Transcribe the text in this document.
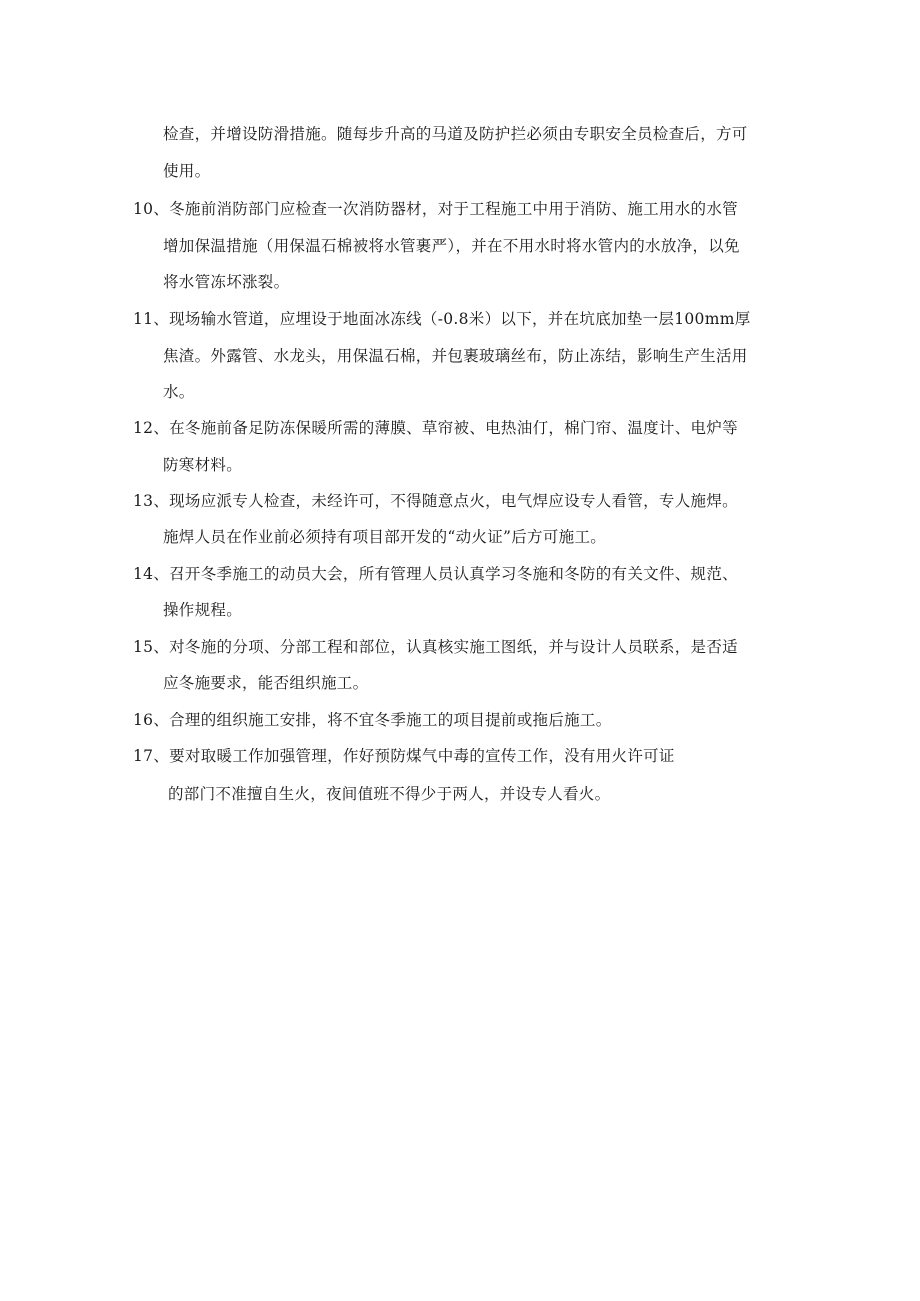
检查，并增设防滑措施。随每步升高的马道及防护拦必须由专职安全员检查后，方可
使用。
10、冬施前消防部门应检查一次消防器材，对于工程施工中用于消防、施工用水的水管
增加保温措施（用保温石棉被将水管裹严），并在不用水时将水管内的水放净，以免
将水管冻坏涨裂。
11、现场输水管道，应埋设于地面冰冻线（-0.8米）以下，并在坑底加垫一层100mm厚
焦渣。外露管、水龙头，用保温石棉，并包裹玻璃丝布，防止冻结，影响生产生活用
水。
12、在冬施前备足防冻保暖所需的薄膜、草帘被、电热油仃，棉门帘、温度计、电炉等
防寒材料。
13、现场应派专人检查，未经许可，不得随意点火，电气焊应设专人看管，专人施焊。
施焊人员在作业前必须持有项目部开发的“动火证”后方可施工。
14、召开冬季施工的动员大会，所有管理人员认真学习冬施和冬防的有关文件、规范、
操作规程。
15、对冬施的分项、分部工程和部位，认真核实施工图纸，并与设计人员联系，是否适
应冬施要求，能否组织施工。
16、合理的组织施工安排，将不宜冬季施工的项目提前或拖后施工。
17、要对取暖工作加强管理，作好预防煤气中毒的宣传工作，没有用火许可证
的部门不准擅自生火，夜间值班不得少于两人，并设专人看火。
